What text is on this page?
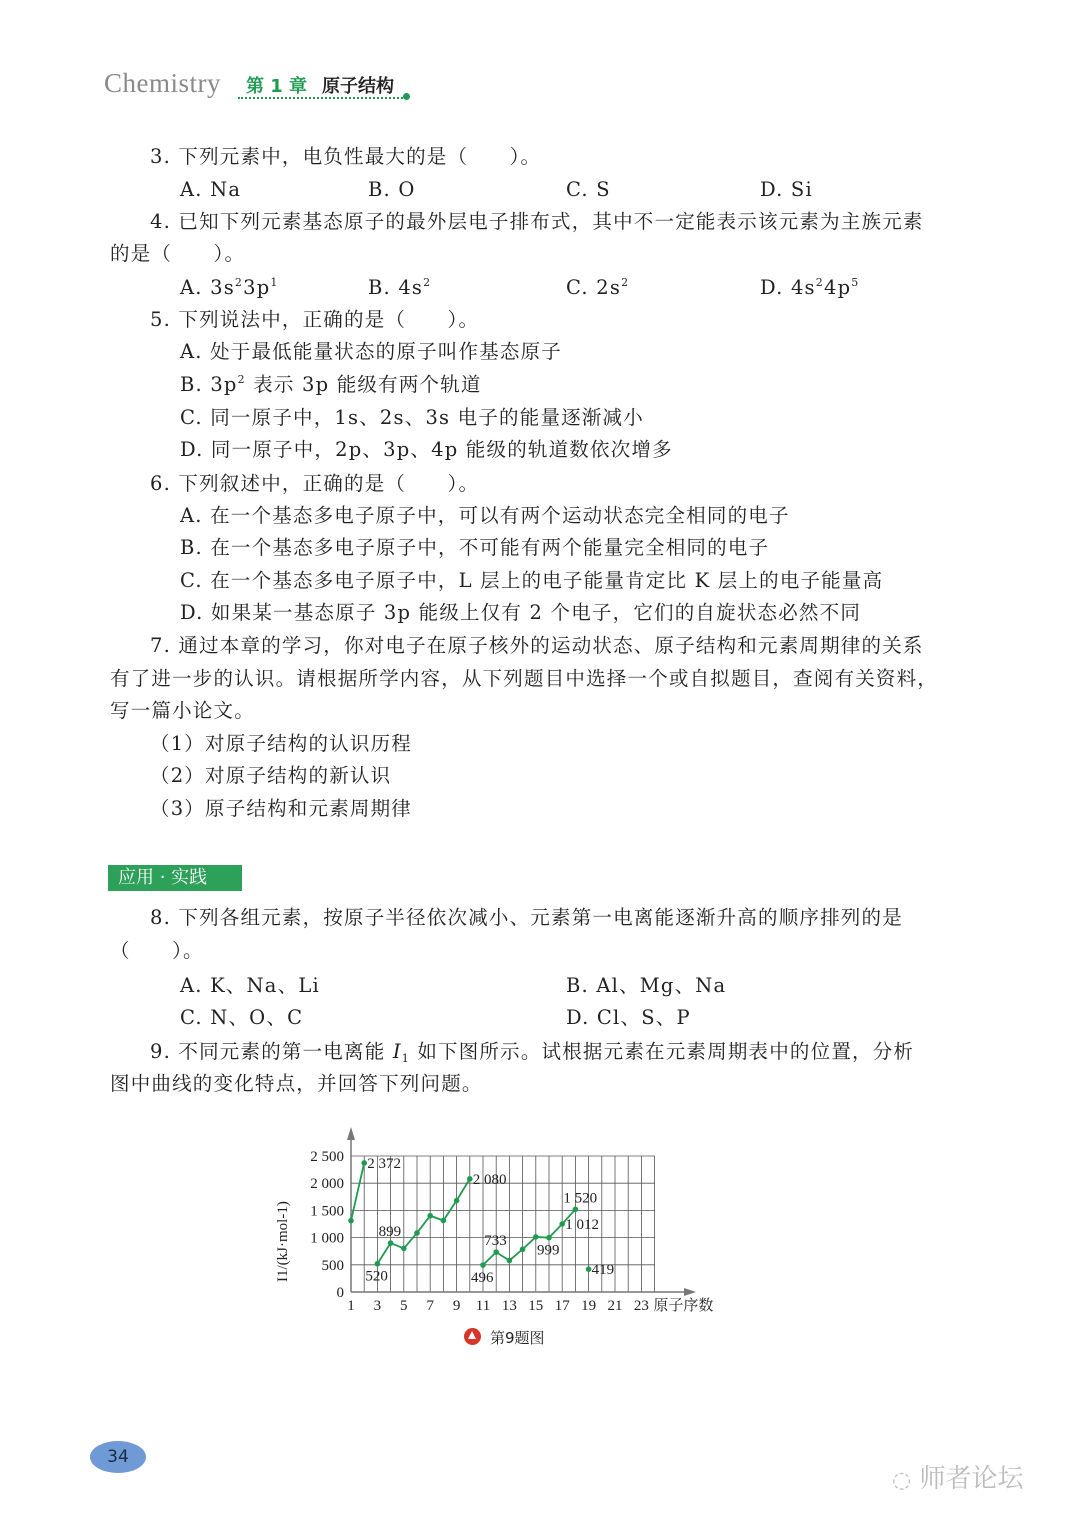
Chemistry 第 1 章 原子结构
3. 下列元素中，电负性最大的是（　　）。
A. Na	B. O	C. S	D. Si
4. 已知下列元素基态原子的最外层电子排布式，其中不一定能表示该元素为主族元素
的是（　　）。
A. $3s^23p^1$	B. $4s^2$	C. $2s^2$	D. $4s^24p^5$
5. 下列说法中，正确的是（　　）。
A. 处于最低能量状态的原子叫作基态原子
B. $3p^2$ 表示 3p 能级有两个轨道
C. 同一原子中，1s、2s、3s 电子的能量逐渐减小
D. 同一原子中，2p、3p、4p 能级的轨道数依次增多
6. 下列叙述中，正确的是（　　）。
A. 在一个基态多电子原子中，可以有两个运动状态完全相同的电子
B. 在一个基态多电子原子中，不可能有两个能量完全相同的电子
C. 在一个基态多电子原子中，L 层上的电子能量肯定比 K 层上的电子能量高
D. 如果某一基态原子 3p 能级上仅有 2 个电子，它们的自旋状态必然不同
7. 通过本章的学习，你对电子在原子核外的运动状态、原子结构和元素周期律的关系
有了进一步的认识。请根据所学内容，从下列题目中选择一个或自拟题目，查阅有关资料，
写一篇小论文。
（1）对原子结构的认识历程
（2）对原子结构的新认识
（3）原子结构和元素周期律
应用 · 实践
8. 下列各组元素，按原子半径依次减小、元素第一电离能逐渐升高的顺序排列的是
（　　）。
A. K、Na、Li	B. Al、Mg、Na
C. N、O、C	D. Cl、S、P
9. 不同元素的第一电离能 $I_1$ 如下图所示。试根据元素在元素周期表中的位置，分析
图中曲线的变化特点，并回答下列问题。
1 3 5 7 9 11 13 15 17 19 21 23 原子序数
0
500
1 000
1 500
2 000
2 500
I1/(kJ·mol-1)
2 372
2 080
899
520
733
496
999
1 012
1 520
419
第9题图
34
◌ 师者论坛
